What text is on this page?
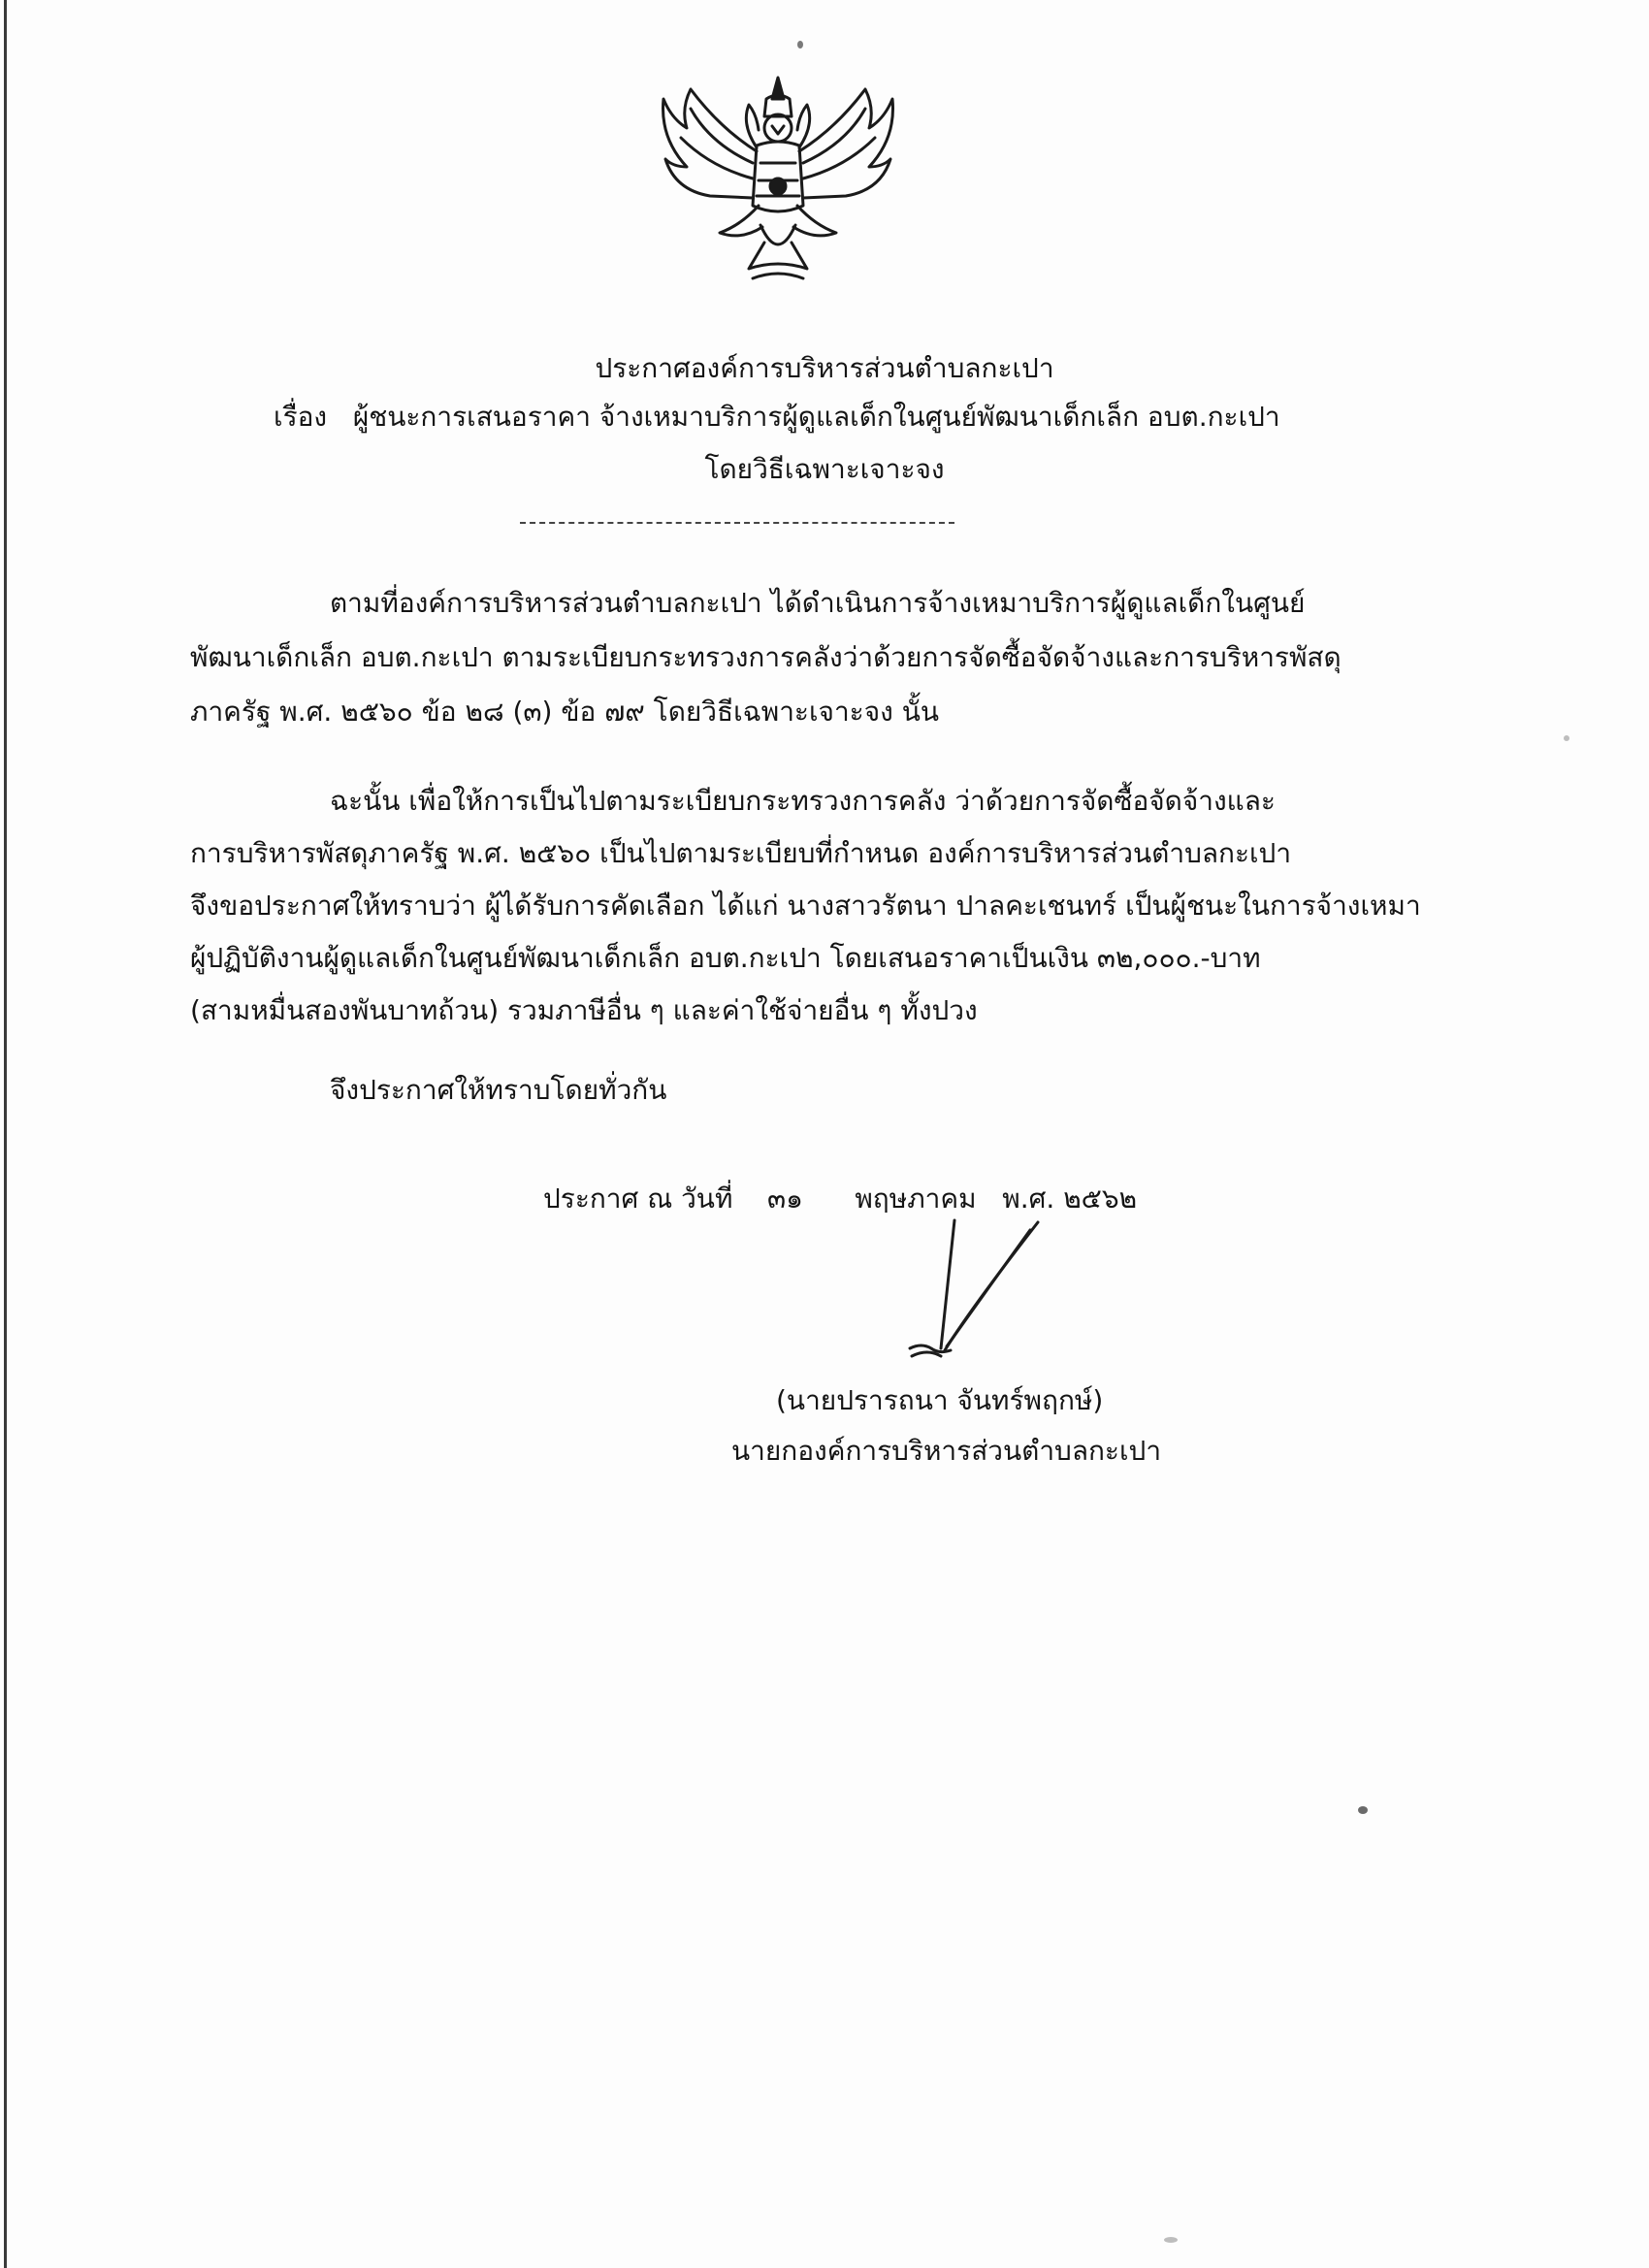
ประกาศองค์การบริหารส่วนตำบลกะเปา
เรื่อง ผู้ชนะการเสนอราคา จ้างเหมาบริการผู้ดูแลเด็กในศูนย์พัฒนาเด็กเล็ก อบต.กะเปา
โดยวิธีเฉพาะเจาะจง
ตามที่องค์การบริหารส่วนตำบลกะเปา ได้ดำเนินการจ้างเหมาบริการผู้ดูแลเด็กในศูนย์
พัฒนาเด็กเล็ก อบต.กะเปา ตามระเบียบกระทรวงการคลังว่าด้วยการจัดซื้อจัดจ้างและการบริหารพัสดุ
ภาครัฐ พ.ศ. ๒๕๖๐ ข้อ ๒๘ (๓) ข้อ ๗๙ โดยวิธีเฉพาะเจาะจง นั้น
ฉะนั้น เพื่อให้การเป็นไปตามระเบียบกระทรวงการคลัง ว่าด้วยการจัดซื้อจัดจ้างและ
การบริหารพัสดุภาครัฐ พ.ศ. ๒๕๖๐ เป็นไปตามระเบียบที่กำหนด องค์การบริหารส่วนตำบลกะเปา
จึงขอประกาศให้ทราบว่า ผู้ได้รับการคัดเลือก ได้แก่ นางสาวรัตนา ปาลคะเชนทร์ เป็นผู้ชนะในการจ้างเหมา
ผู้ปฏิบัติงานผู้ดูแลเด็กในศูนย์พัฒนาเด็กเล็ก อบต.กะเปา โดยเสนอราคาเป็นเงิน ๓๒,๐๐๐.-บาท
(สามหมื่นสองพันบาทถ้วน) รวมภาษีอื่น ๆ และค่าใช้จ่ายอื่น ๆ ทั้งปวง
จึงประกาศให้ทราบโดยทั่วกัน
ประกาศ ณ วันที่ ๓๑ พฤษภาคม พ.ศ. ๒๕๖๒
(นายปรารถนา จันทร์พฤกษ์)
นายกองค์การบริหารส่วนตำบลกะเปา
